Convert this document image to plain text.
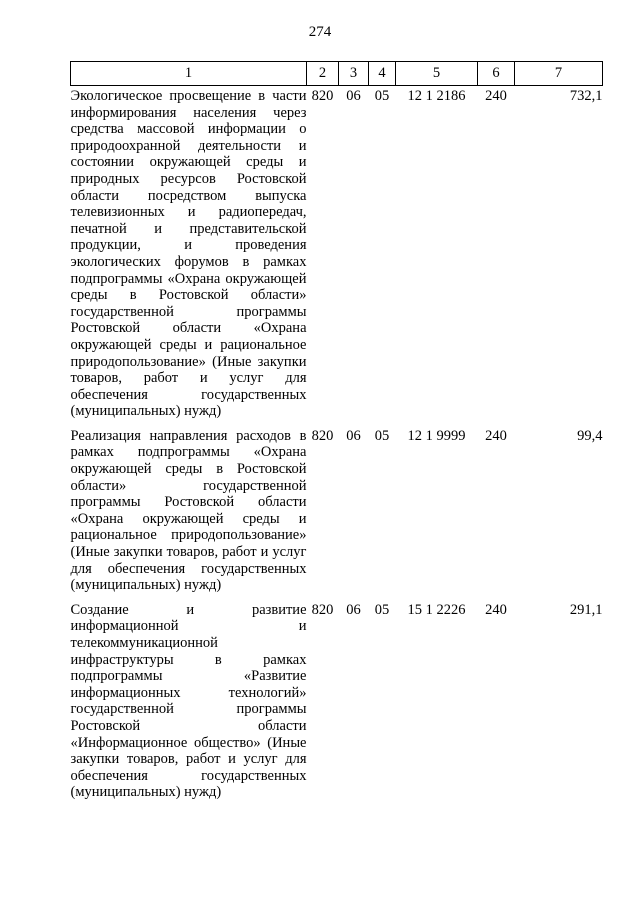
274
1	2	3	4	5	6	7
Экологическое просвещение в части информирования населения через средства массовой информации о природоохранной деятельности и состоянии окружающей среды и природных ресурсов Ростовской области посредством выпуска телевизионных и радиопередач, печатной и представительской продукции, и проведения экологических форумов в рамках подпрограммы «Охрана окружающей среды в Ростовской области» государственной программы Ростовской области «Охрана окружающей среды и рациональное природопользование» (Иные закупки товаров, работ и услуг для обеспечения государственных (муниципальных) нужд)	820	06	05	12 1 2186	240	732,1
Реализация направления расходов в рамках подпрограммы «Охрана окружающей среды в Ростовской области» государственной программы Ростовской области «Охрана окружающей среды и рациональное природопользование» (Иные закупки товаров, работ и услуг для обеспечения государственных (муниципальных) нужд)	820	06	05	12 1 9999	240	99,4
Создание и развитие информационной и телекоммуникационной инфраструктуры в рамках подпрограммы «Развитие информационных технологий» государственной программы Ростовской области «Информационное общество» (Иные закупки товаров, работ и услуг для обеспечения государственных (муниципальных) нужд)	820	06	05	15 1 2226	240	291,1
